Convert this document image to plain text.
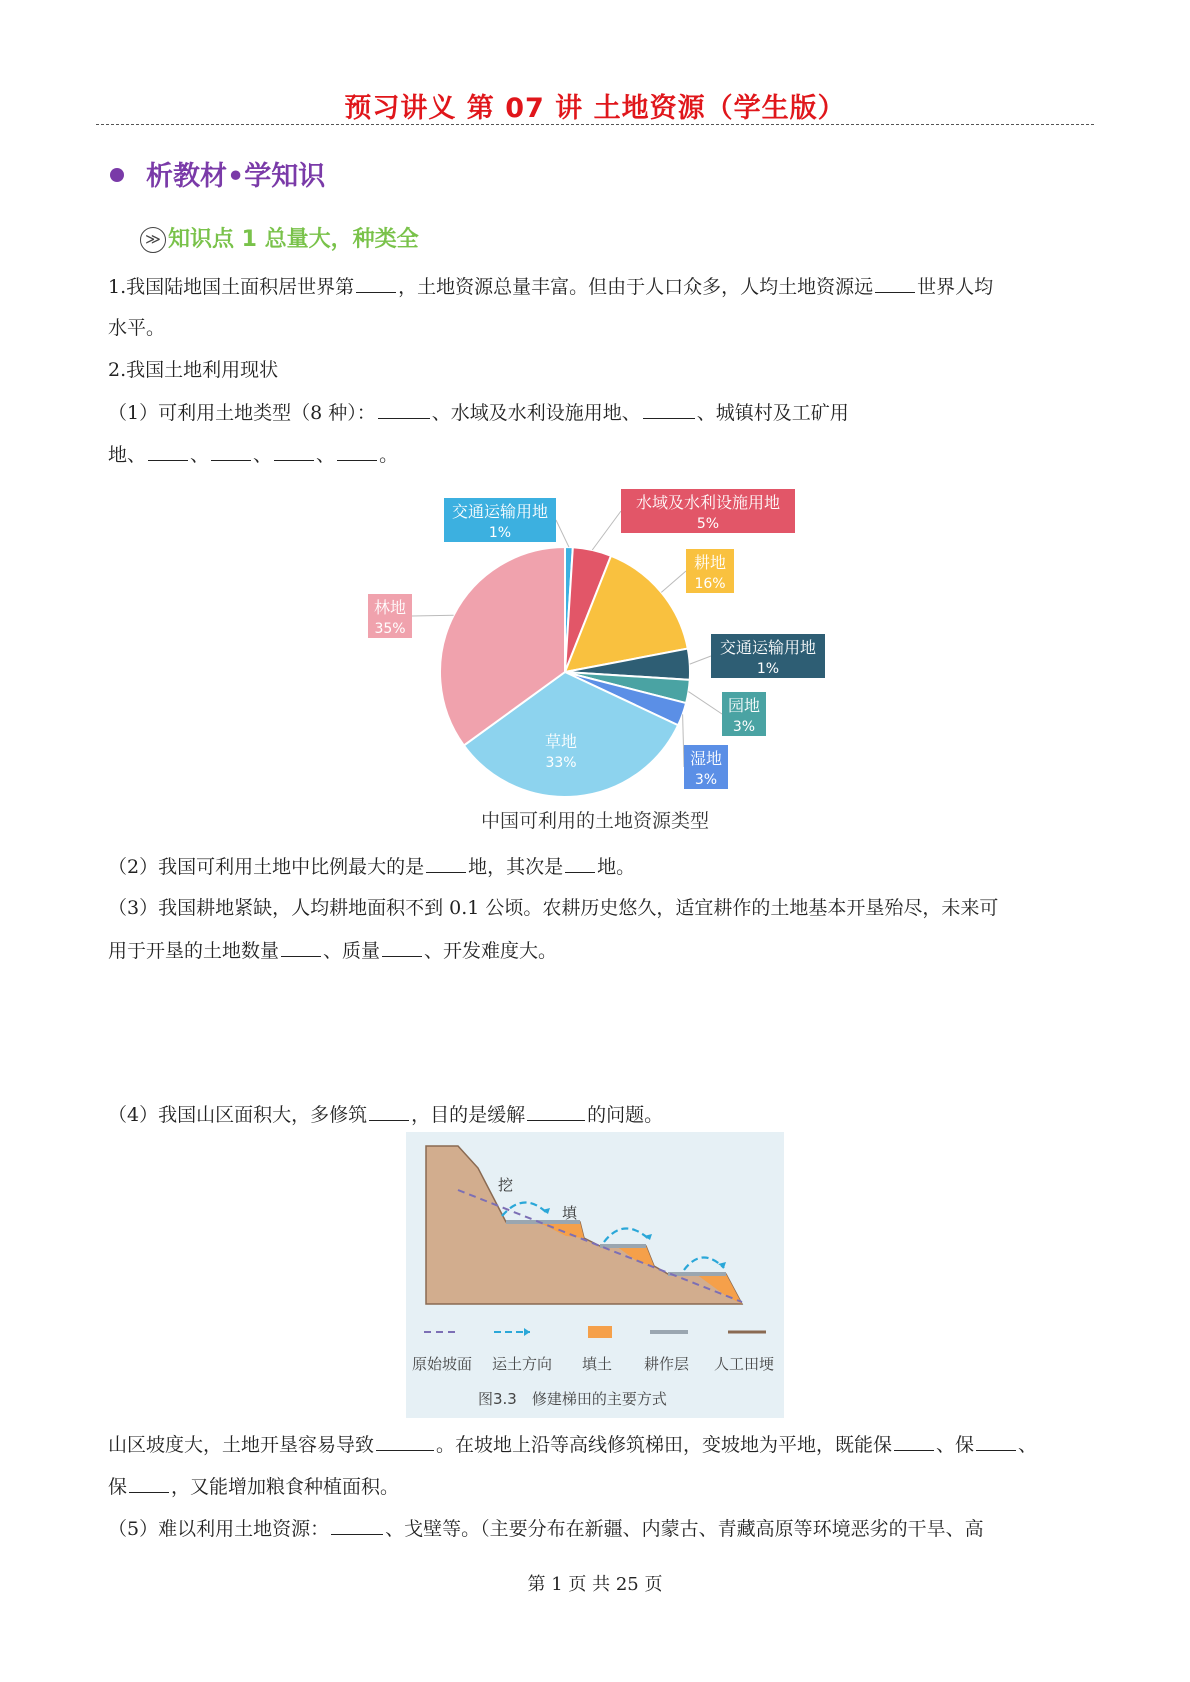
预习讲义 第 07 讲 土地资源（学生版）
析教材•学知识
≫ 知识点 1 总量大，种类全
1.我国陆地国土面积居世界第 ，土地资源总量丰富。但由于人口众多，人均土地资源远 世界人均
水平。
2.我国土地利用现状
（1）可利用土地类型（8 种）：	、水域及水利设施用地、	、城镇村及工矿用
地、 、 、 、 。
交通运输用地
1%
水域及水利设施用地
5%
耕地
16%
交通运输用地
1%
园地
3%
湿地
3%
草地
33%
林地
35%
中国可利用的土地资源类型
（2）我国可利用土地中比例最大的是 地，其次是 地。
（3）我国耕地紧缺，人均耕地面积不到 0.1 公顷。农耕历史悠久，适宜耕作的土地基本开垦殆尽，未来可
用于开垦的土地数量 、质量 、开发难度大。
（4）我国山区面积大，多修筑 ，目的是缓解	的问题。
挖
填
原始坡面 运土方向 填土 耕作层 人工田埂
图3.3　修建梯田的主要方式
山区坡度大，土地开垦容易导致	。在坡地上沿等高线修筑梯田，变坡地为平地，既能保 、保 、
保 ，又能增加粮食种植面积。
（5）难以利用土地资源：	、戈壁等。（主要分布在新疆、内蒙古、青藏高原等环境恶劣的干旱、高
第 1 页 共 25 页
